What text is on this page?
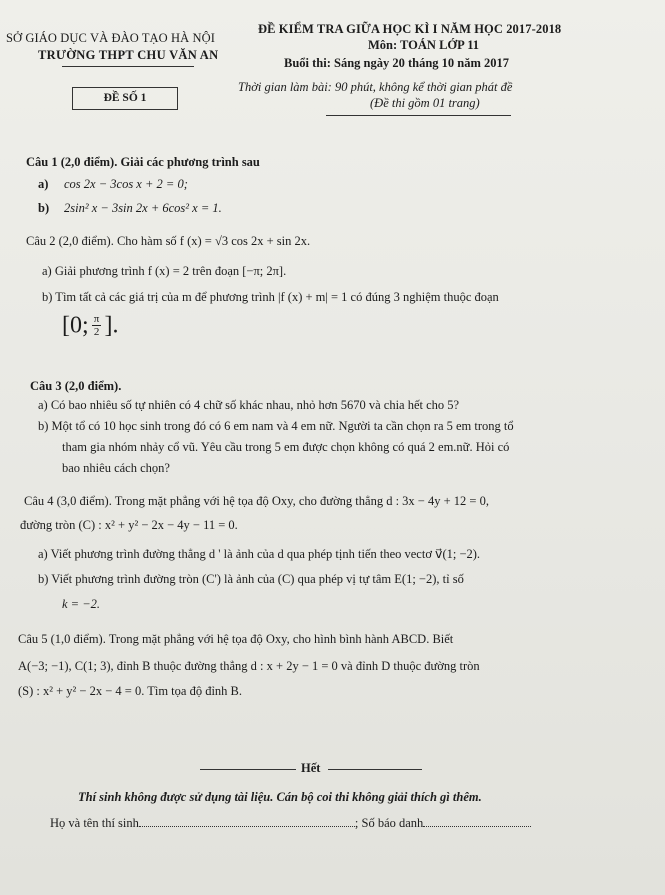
SỞ GIÁO DỤC VÀ ĐÀO TẠO HÀ NỘI
TRƯỜNG THPT CHU VĂN AN
ĐỀ SỐ 1
ĐỀ KIỂM TRA GIỮA HỌC KÌ I NĂM HỌC 2017-2018
Môn: TOÁN LỚP 11
Buổi thi: Sáng ngày 20 tháng 10 năm 2017
Thời gian làm bài: 90 phút, không kể thời gian phát đề
(Đề thi gồm 01 trang)
Câu 1 (2,0 điểm). Giải các phương trình sau
a) cos 2x − 3cos x + 2 = 0;
b) 2sin² x − 3sin 2x + 6cos² x = 1.
Câu 2 (2,0 điểm). Cho hàm số f (x) = √3 cos 2x + sin 2x.
a) Giải phương trình f (x) = 2 trên đoạn [−π; 2π].
b) Tìm tất cả các giá trị của m để phương trình |f (x) + m| = 1 có đúng 3 nghiệm thuộc đoạn
[0; $\frac{\pi}{2}$ ].
Câu 3 (2,0 điểm).
a) Có bao nhiêu số tự nhiên có 4 chữ số khác nhau, nhỏ hơn 5670 và chia hết cho 5?
b) Một tổ có 10 học sinh trong đó có 6 em nam và 4 em nữ. Người ta cần chọn ra 5 em trong tổ
tham gia nhóm nhảy cổ vũ. Yêu cầu trong 5 em được chọn không có quá 2 em.nữ. Hỏi có
bao nhiêu cách chọn?
Câu 4 (3,0 điểm). Trong mặt phẳng với hệ tọa độ Oxy, cho đường thẳng d : 3x − 4y + 12 = 0,
đường tròn (C) : x² + y² − 2x − 4y − 11 = 0.
a) Viết phương trình đường thẳng d ' là ảnh của d qua phép tịnh tiến theo vectơ v⃗(1; −2).
b) Viết phương trình đường tròn (C') là ảnh của (C) qua phép vị tự tâm E(1; −2), tỉ số
k = −2.
Câu 5 (1,0 điểm). Trong mặt phẳng với hệ tọa độ Oxy, cho hình bình hành ABCD. Biết
A(−3; −1), C(1; 3), đỉnh B thuộc đường thẳng d : x + 2y − 1 = 0 và đỉnh D thuộc đường tròn
(S) : x² + y² − 2x − 4 = 0. Tìm tọa độ đỉnh B.
Hết
Thí sinh không được sử dụng tài liệu. Cán bộ coi thi không giải thích gì thêm.
Họ và tên thí sinh	; Số báo danh
